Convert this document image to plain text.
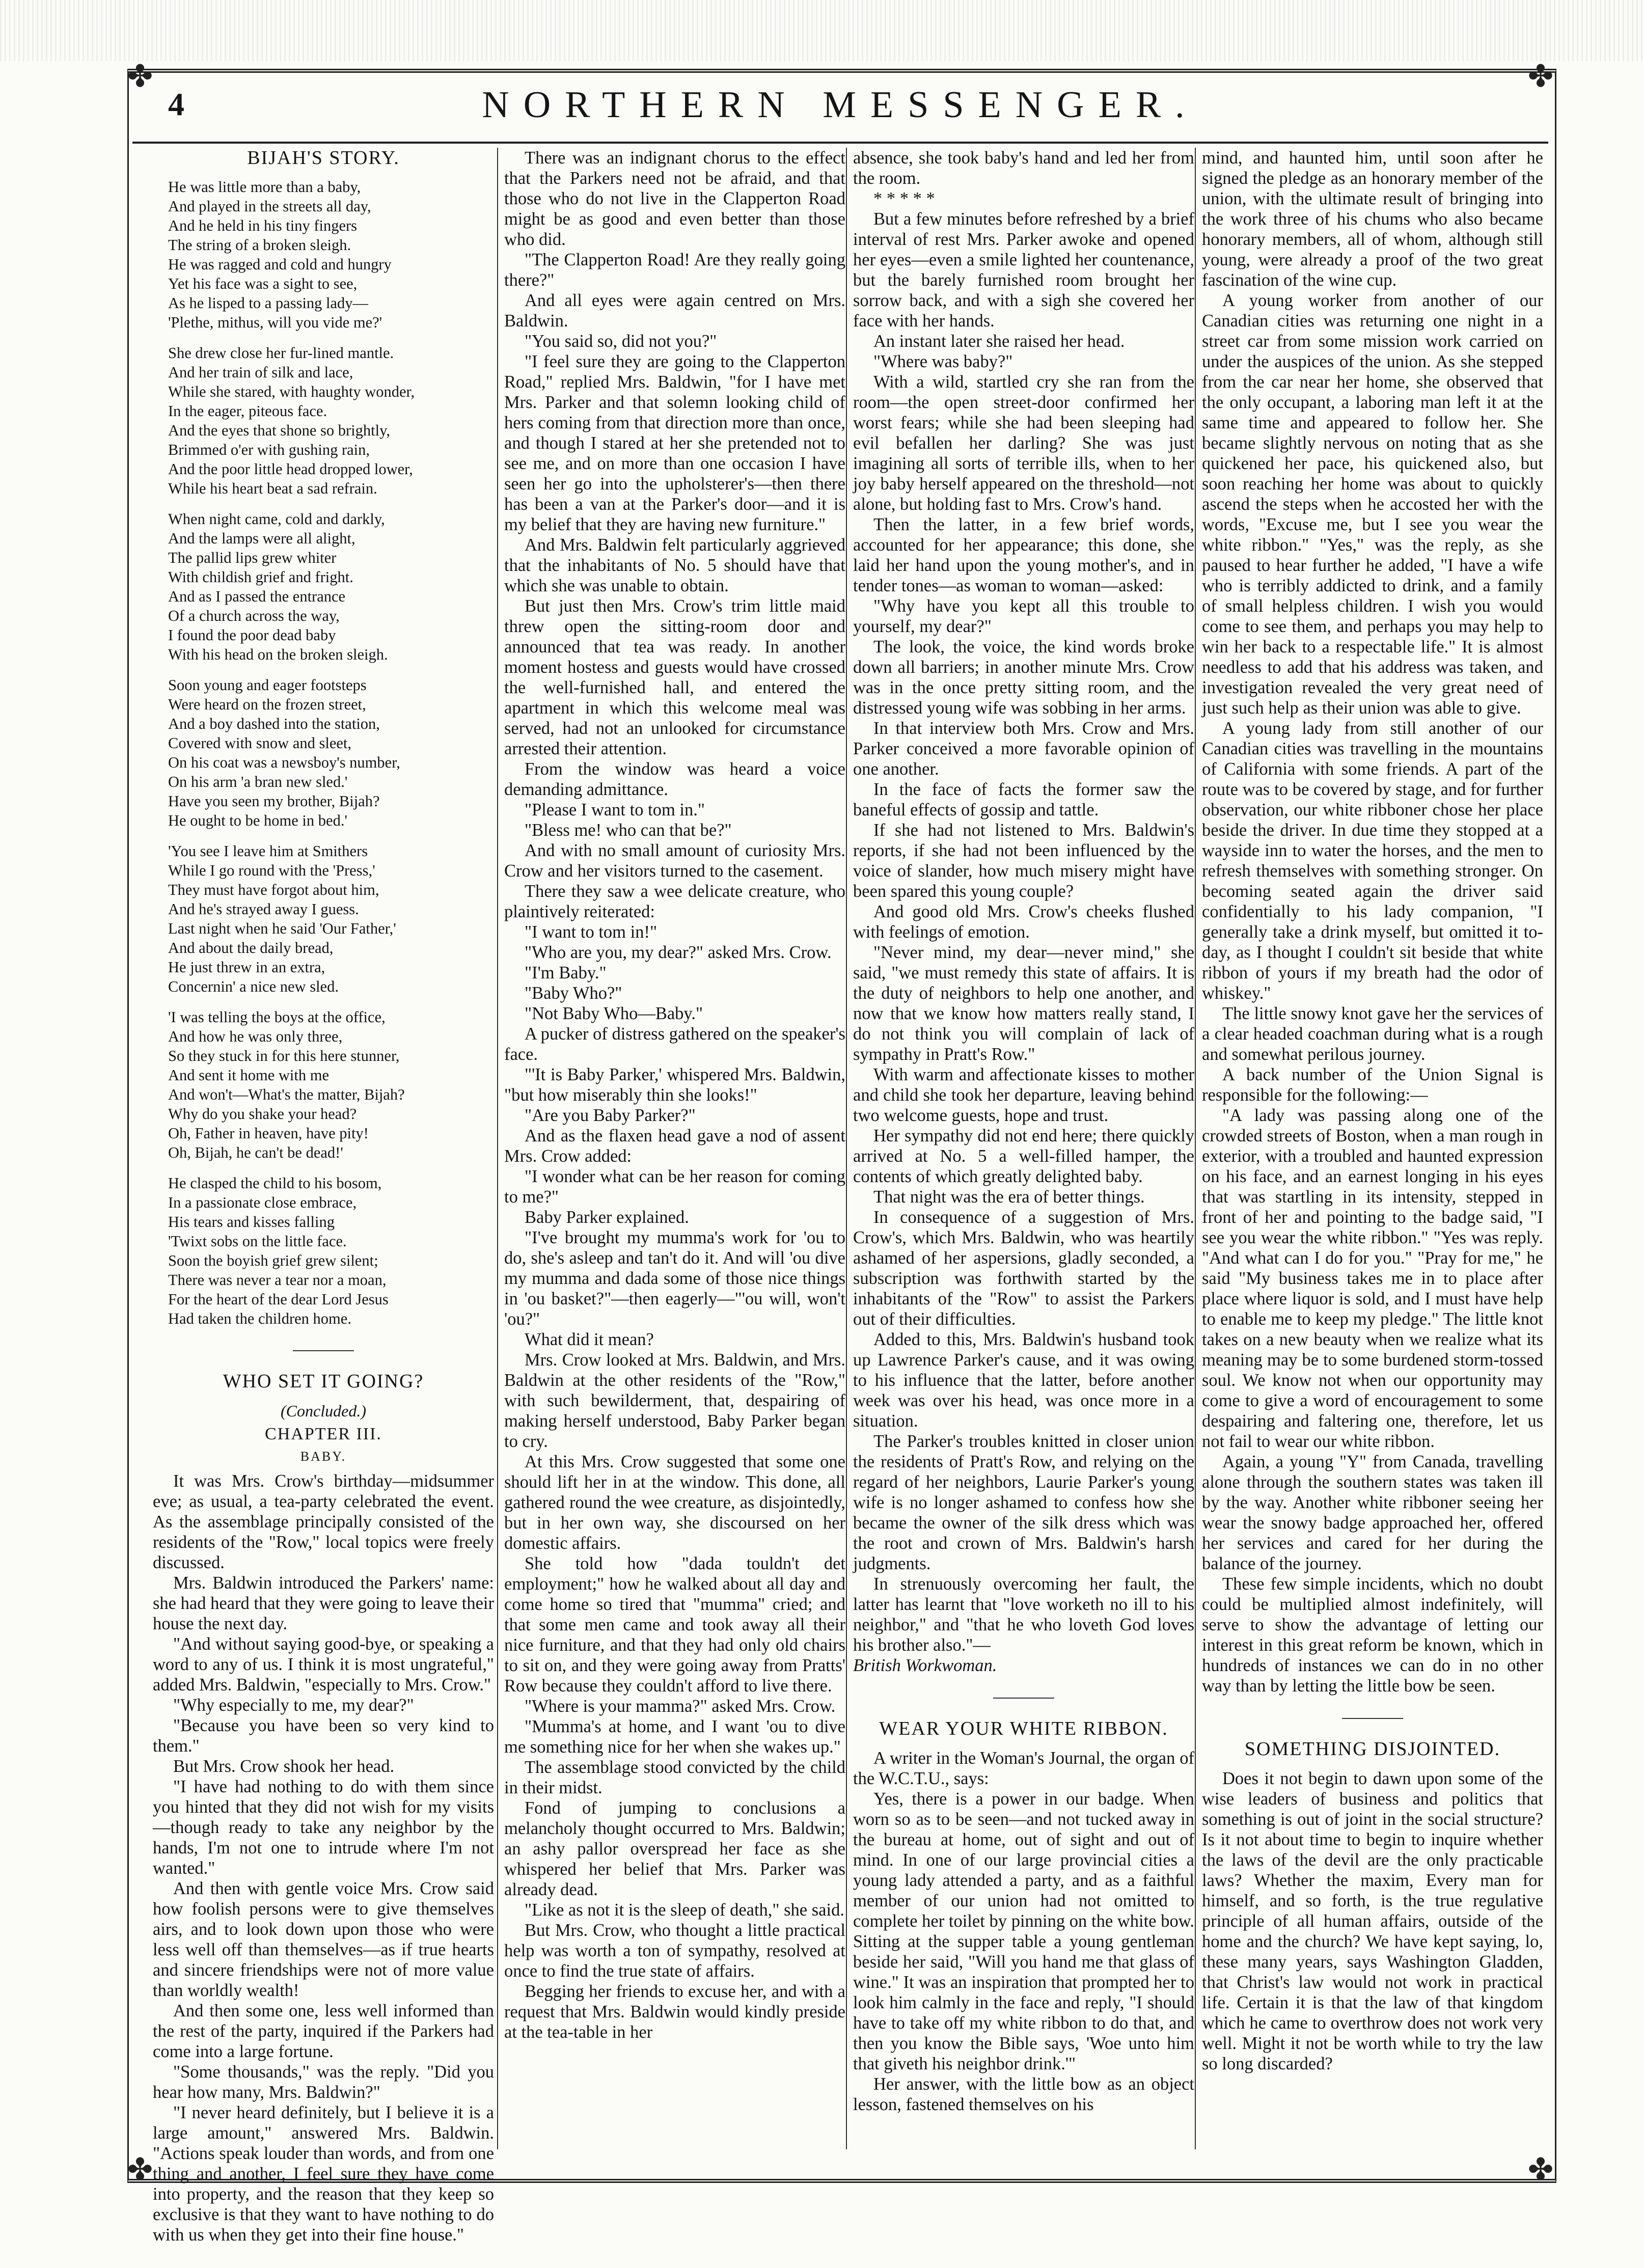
✤	✤
✤	✤
4	NORTHERN MESSENGER.
BIJAH'S STORY.
He was little more than a baby,
And played in the streets all day,
And he held in his tiny fingers
The string of a broken sleigh.
He was ragged and cold and hungry
Yet his face was a sight to see,
As he lisped to a passing lady—
'Plethe, mithus, will you vide me?'
She drew close her fur-lined mantle.
And her train of silk and lace,
While she stared, with haughty wonder,
In the eager, piteous face.
And the eyes that shone so brightly,
Brimmed o'er with gushing rain,
And the poor little head dropped lower,
While his heart beat a sad refrain.
When night came, cold and darkly,
And the lamps were all alight,
The pallid lips grew whiter
With childish grief and fright.
And as I passed the entrance
Of a church across the way,
I found the poor dead baby
With his head on the broken sleigh.
Soon young and eager footsteps
Were heard on the frozen street,
And a boy dashed into the station,
Covered with snow and sleet,
On his coat was a newsboy's number,
On his arm 'a bran new sled.'
Have you seen my brother, Bijah?
He ought to be home in bed.'
'You see I leave him at Smithers
While I go round with the 'Press,'
They must have forgot about him,
And he's strayed away I guess.
Last night when he said 'Our Father,'
And about the daily bread,
He just threw in an extra,
Concernin' a nice new sled.
'I was telling the boys at the office,
And how he was only three,
So they stuck in for this here stunner,
And sent it home with me
And won't—What's the matter, Bijah?
Why do you shake your head?
Oh, Father in heaven, have pity!
Oh, Bijah, he can't be dead!'
He clasped the child to his bosom,
In a passionate close embrace,
His tears and kisses falling
'Twixt sobs on the little face.
Soon the boyish grief grew silent;
There was never a tear nor a moan,
For the heart of the dear Lord Jesus
Had taken the children home.
WHO SET IT GOING?
(Concluded.)
CHAPTER III.
BABY.

It was Mrs. Crow's birthday—midsummer eve; as usual, a tea-party celebrated the event. As the assemblage principally consisted of the residents of the "Row," local topics were freely discussed.

Mrs. Baldwin introduced the Parkers' name: she had heard that they were going to leave their house the next day.

"And without saying good-bye, or speaking a word to any of us. I think it is most ungrateful," added Mrs. Baldwin, "especially to Mrs. Crow."

"Why especially to me, my dear?"

"Because you have been so very kind to them."

But Mrs. Crow shook her head.

"I have had nothing to do with them since you hinted that they did not wish for my visits—though ready to take any neighbor by the hands, I'm not one to intrude where I'm not wanted."

And then with gentle voice Mrs. Crow said how foolish persons were to give themselves airs, and to look down upon those who were less well off than themselves—as if true hearts and sincere friendships were not of more value than worldly wealth!

And then some one, less well informed than the rest of the party, inquired if the Parkers had come into a large fortune.

"Some thousands," was the reply. "Did you hear how many, Mrs. Baldwin?"

"I never heard definitely, but I believe it is a large amount," answered Mrs. Baldwin. "Actions speak louder than words, and from one thing and another, I feel sure they have come into property, and the reason that they keep so exclusive is that they want to have nothing to do with us when they get into their fine house."

There was an indignant chorus to the effect that the Parkers need not be afraid, and that those who do not live in the Clapperton Road might be as good and even better than those who did.

"The Clapperton Road! Are they really going there?"

And all eyes were again centred on Mrs. Baldwin.

"You said so, did not you?"

"I feel sure they are going to the Clapperton Road," replied Mrs. Baldwin, "for I have met Mrs. Parker and that solemn looking child of hers coming from that direction more than once, and though I stared at her she pretended not to see me, and on more than one occasion I have seen her go into the upholsterer's—then there has been a van at the Parker's door—and it is my belief that they are having new furniture."

And Mrs. Baldwin felt particularly aggrieved that the inhabitants of No. 5 should have that which she was unable to obtain.

But just then Mrs. Crow's trim little maid threw open the sitting-room door and announced that tea was ready. In another moment hostess and guests would have crossed the well-furnished hall, and entered the apartment in which this welcome meal was served, had not an unlooked for circumstance arrested their attention.

From the window was heard a voice demanding admittance.

"Please I want to tom in."

"Bless me! who can that be?"

And with no small amount of curiosity Mrs. Crow and her visitors turned to the casement.

There they saw a wee delicate creature, who plaintively reiterated:

"I want to tom in!"

"Who are you, my dear?" asked Mrs. Crow.

"I'm Baby."

"Baby Who?"

"Not Baby Who—Baby."

A pucker of distress gathered on the speaker's face.

"'It is Baby Parker,' whispered Mrs. Baldwin, "but how miserably thin she looks!"

"Are you Baby Parker?"

And as the flaxen head gave a nod of assent Mrs. Crow added:

"I wonder what can be her reason for coming to me?"

Baby Parker explained.

"I've brought my mumma's work for 'ou to do, she's asleep and tan't do it. And will 'ou dive my mumma and dada some of those nice things in 'ou basket?"—then eagerly—"'ou will, won't 'ou?"

What did it mean?

Mrs. Crow looked at Mrs. Baldwin, and Mrs. Baldwin at the other residents of the "Row," with such bewilderment, that, despairing of making herself understood, Baby Parker began to cry.

At this Mrs. Crow suggested that some one should lift her in at the window. This done, all gathered round the wee creature, as disjointedly, but in her own way, she discoursed on her domestic affairs.

She told how "dada touldn't det employment;" how he walked about all day and come home so tired that "mumma" cried; and that some men came and took away all their nice furniture, and that they had only old chairs to sit on, and they were going away from Pratts' Row because they couldn't afford to live there.

"Where is your mamma?" asked Mrs. Crow.

"Mumma's at home, and I want 'ou to dive me something nice for her when she wakes up."

The assemblage stood convicted by the child in their midst.

Fond of jumping to conclusions a melancholy thought occurred to Mrs. Baldwin; an ashy pallor overspread her face as she whispered her belief that Mrs. Parker was already dead.

"Like as not it is the sleep of death," she said.

But Mrs. Crow, who thought a little practical help was worth a ton of sympathy, resolved at once to find the true state of affairs.

Begging her friends to excuse her, and with a request that Mrs. Baldwin would kindly preside at the tea-table in her

absence, she took baby's hand and led her from the room.

* * * * *

But a few minutes before refreshed by a brief interval of rest Mrs. Parker awoke and opened her eyes—even a smile lighted her countenance, but the barely furnished room brought her sorrow back, and with a sigh she covered her face with her hands.

An instant later she raised her head.

"Where was baby?"

With a wild, startled cry she ran from the room—the open street-door confirmed her worst fears; while she had been sleeping had evil befallen her darling? She was just imagining all sorts of terrible ills, when to her joy baby herself appeared on the threshold—not alone, but holding fast to Mrs. Crow's hand.

Then the latter, in a few brief words, accounted for her appearance; this done, she laid her hand upon the young mother's, and in tender tones—as woman to woman—asked:

"Why have you kept all this trouble to yourself, my dear?"

The look, the voice, the kind words broke down all barriers; in another minute Mrs. Crow was in the once pretty sitting room, and the distressed young wife was sobbing in her arms.

In that interview both Mrs. Crow and Mrs. Parker conceived a more favorable opinion of one another.

In the face of facts the former saw the baneful effects of gossip and tattle.

If she had not listened to Mrs. Baldwin's reports, if she had not been influenced by the voice of slander, how much misery might have been spared this young couple?

And good old Mrs. Crow's cheeks flushed with feelings of emotion.

"Never mind, my dear—never mind," she said, "we must remedy this state of affairs. It is the duty of neighbors to help one another, and now that we know how matters really stand, I do not think you will complain of lack of sympathy in Pratt's Row."

With warm and affectionate kisses to mother and child she took her departure, leaving behind two welcome guests, hope and trust.

Her sympathy did not end here; there quickly arrived at No. 5 a well-filled hamper, the contents of which greatly delighted baby.

That night was the era of better things.

In consequence of a suggestion of Mrs. Crow's, which Mrs. Baldwin, who was heartily ashamed of her aspersions, gladly seconded, a subscription was forthwith started by the inhabitants of the "Row" to assist the Parkers out of their difficulties.

Added to this, Mrs. Baldwin's husband took up Lawrence Parker's cause, and it was owing to his influence that the latter, before another week was over his head, was once more in a situation.

The Parker's troubles knitted in closer union the residents of Pratt's Row, and relying on the regard of her neighbors, Laurie Parker's young wife is no longer ashamed to confess how she became the owner of the silk dress which was the root and crown of Mrs. Baldwin's harsh judgments.

In strenuously overcoming her fault, the latter has learnt that "love worketh no ill to his neighbor," and "that he who loveth God loves his brother also."—

British Workwoman.

WEAR YOUR WHITE RIBBON.

A writer in the Woman's Journal, the organ of the W.C.T.U., says:

Yes, there is a power in our badge. When worn so as to be seen—and not tucked away in the bureau at home, out of sight and out of mind. In one of our large provincial cities a young lady attended a party, and as a faithful member of our union had not omitted to complete her toilet by pinning on the white bow. Sitting at the supper table a young gentleman beside her said, "Will you hand me that glass of wine." It was an inspiration that prompted her to look him calmly in the face and reply, "I should have to take off my white ribbon to do that, and then you know the Bible says, 'Woe unto him that giveth his neighbor drink.'"

Her answer, with the little bow as an object lesson, fastened themselves on his

mind, and haunted him, until soon after he signed the pledge as an honorary member of the union, with the ultimate result of bringing into the work three of his chums who also became honorary members, all of whom, although still young, were already a proof of the two great fascination of the wine cup.

A young worker from another of our Canadian cities was returning one night in a street car from some mission work carried on under the auspices of the union. As she stepped from the car near her home, she observed that the only occupant, a laboring man left it at the same time and appeared to follow her. She became slightly nervous on noting that as she quickened her pace, his quickened also, but soon reaching her home was about to quickly ascend the steps when he accosted her with the words, "Excuse me, but I see you wear the white ribbon." "Yes," was the reply, as she paused to hear further he added, "I have a wife who is terribly addicted to drink, and a family of small helpless children. I wish you would come to see them, and perhaps you may help to win her back to a respectable life." It is almost needless to add that his address was taken, and investigation revealed the very great need of just such help as their union was able to give.

A young lady from still another of our Canadian cities was travelling in the mountains of California with some friends. A part of the route was to be covered by stage, and for further observation, our white ribboner chose her place beside the driver. In due time they stopped at a wayside inn to water the horses, and the men to refresh themselves with something stronger. On becoming seated again the driver said confidentially to his lady companion, "I generally take a drink myself, but omitted it to-day, as I thought I couldn't sit beside that white ribbon of yours if my breath had the odor of whiskey."

The little snowy knot gave her the services of a clear headed coachman during what is a rough and somewhat perilous journey.

A back number of the Union Signal is responsible for the following:—

"A lady was passing along one of the crowded streets of Boston, when a man rough in exterior, with a troubled and haunted expression on his face, and an earnest longing in his eyes that was startling in its intensity, stepped in front of her and pointing to the badge said, "I see you wear the white ribbon." "Yes was reply. "And what can I do for you." "Pray for me," he said "My business takes me in to place after place where liquor is sold, and I must have help to enable me to keep my pledge." The little knot takes on a new beauty when we realize what its meaning may be to some burdened storm-tossed soul. We know not when our opportunity may come to give a word of encouragement to some despairing and faltering one, therefore, let us not fail to wear our white ribbon.

Again, a young "Y" from Canada, travelling alone through the southern states was taken ill by the way. Another white ribboner seeing her wear the snowy badge approached her, offered her services and cared for her during the balance of the journey.

These few simple incidents, which no doubt could be multiplied almost indefinitely, will serve to show the advantage of letting our interest in this great reform be known, which in hundreds of instances we can do in no other way than by letting the little bow be seen.

SOMETHING DISJOINTED.

Does it not begin to dawn upon some of the wise leaders of business and politics that something is out of joint in the social structure? Is it not about time to begin to inquire whether the laws of the devil are the only practicable laws? Whether the maxim, Every man for himself, and so forth, is the true regulative principle of all human affairs, outside of the home and the church? We have kept saying, lo, these many years, says Washington Gladden, that Christ's law would not work in practical life. Certain it is that the law of that kingdom which he came to overthrow does not work very well. Might it not be worth while to try the law so long discarded?
